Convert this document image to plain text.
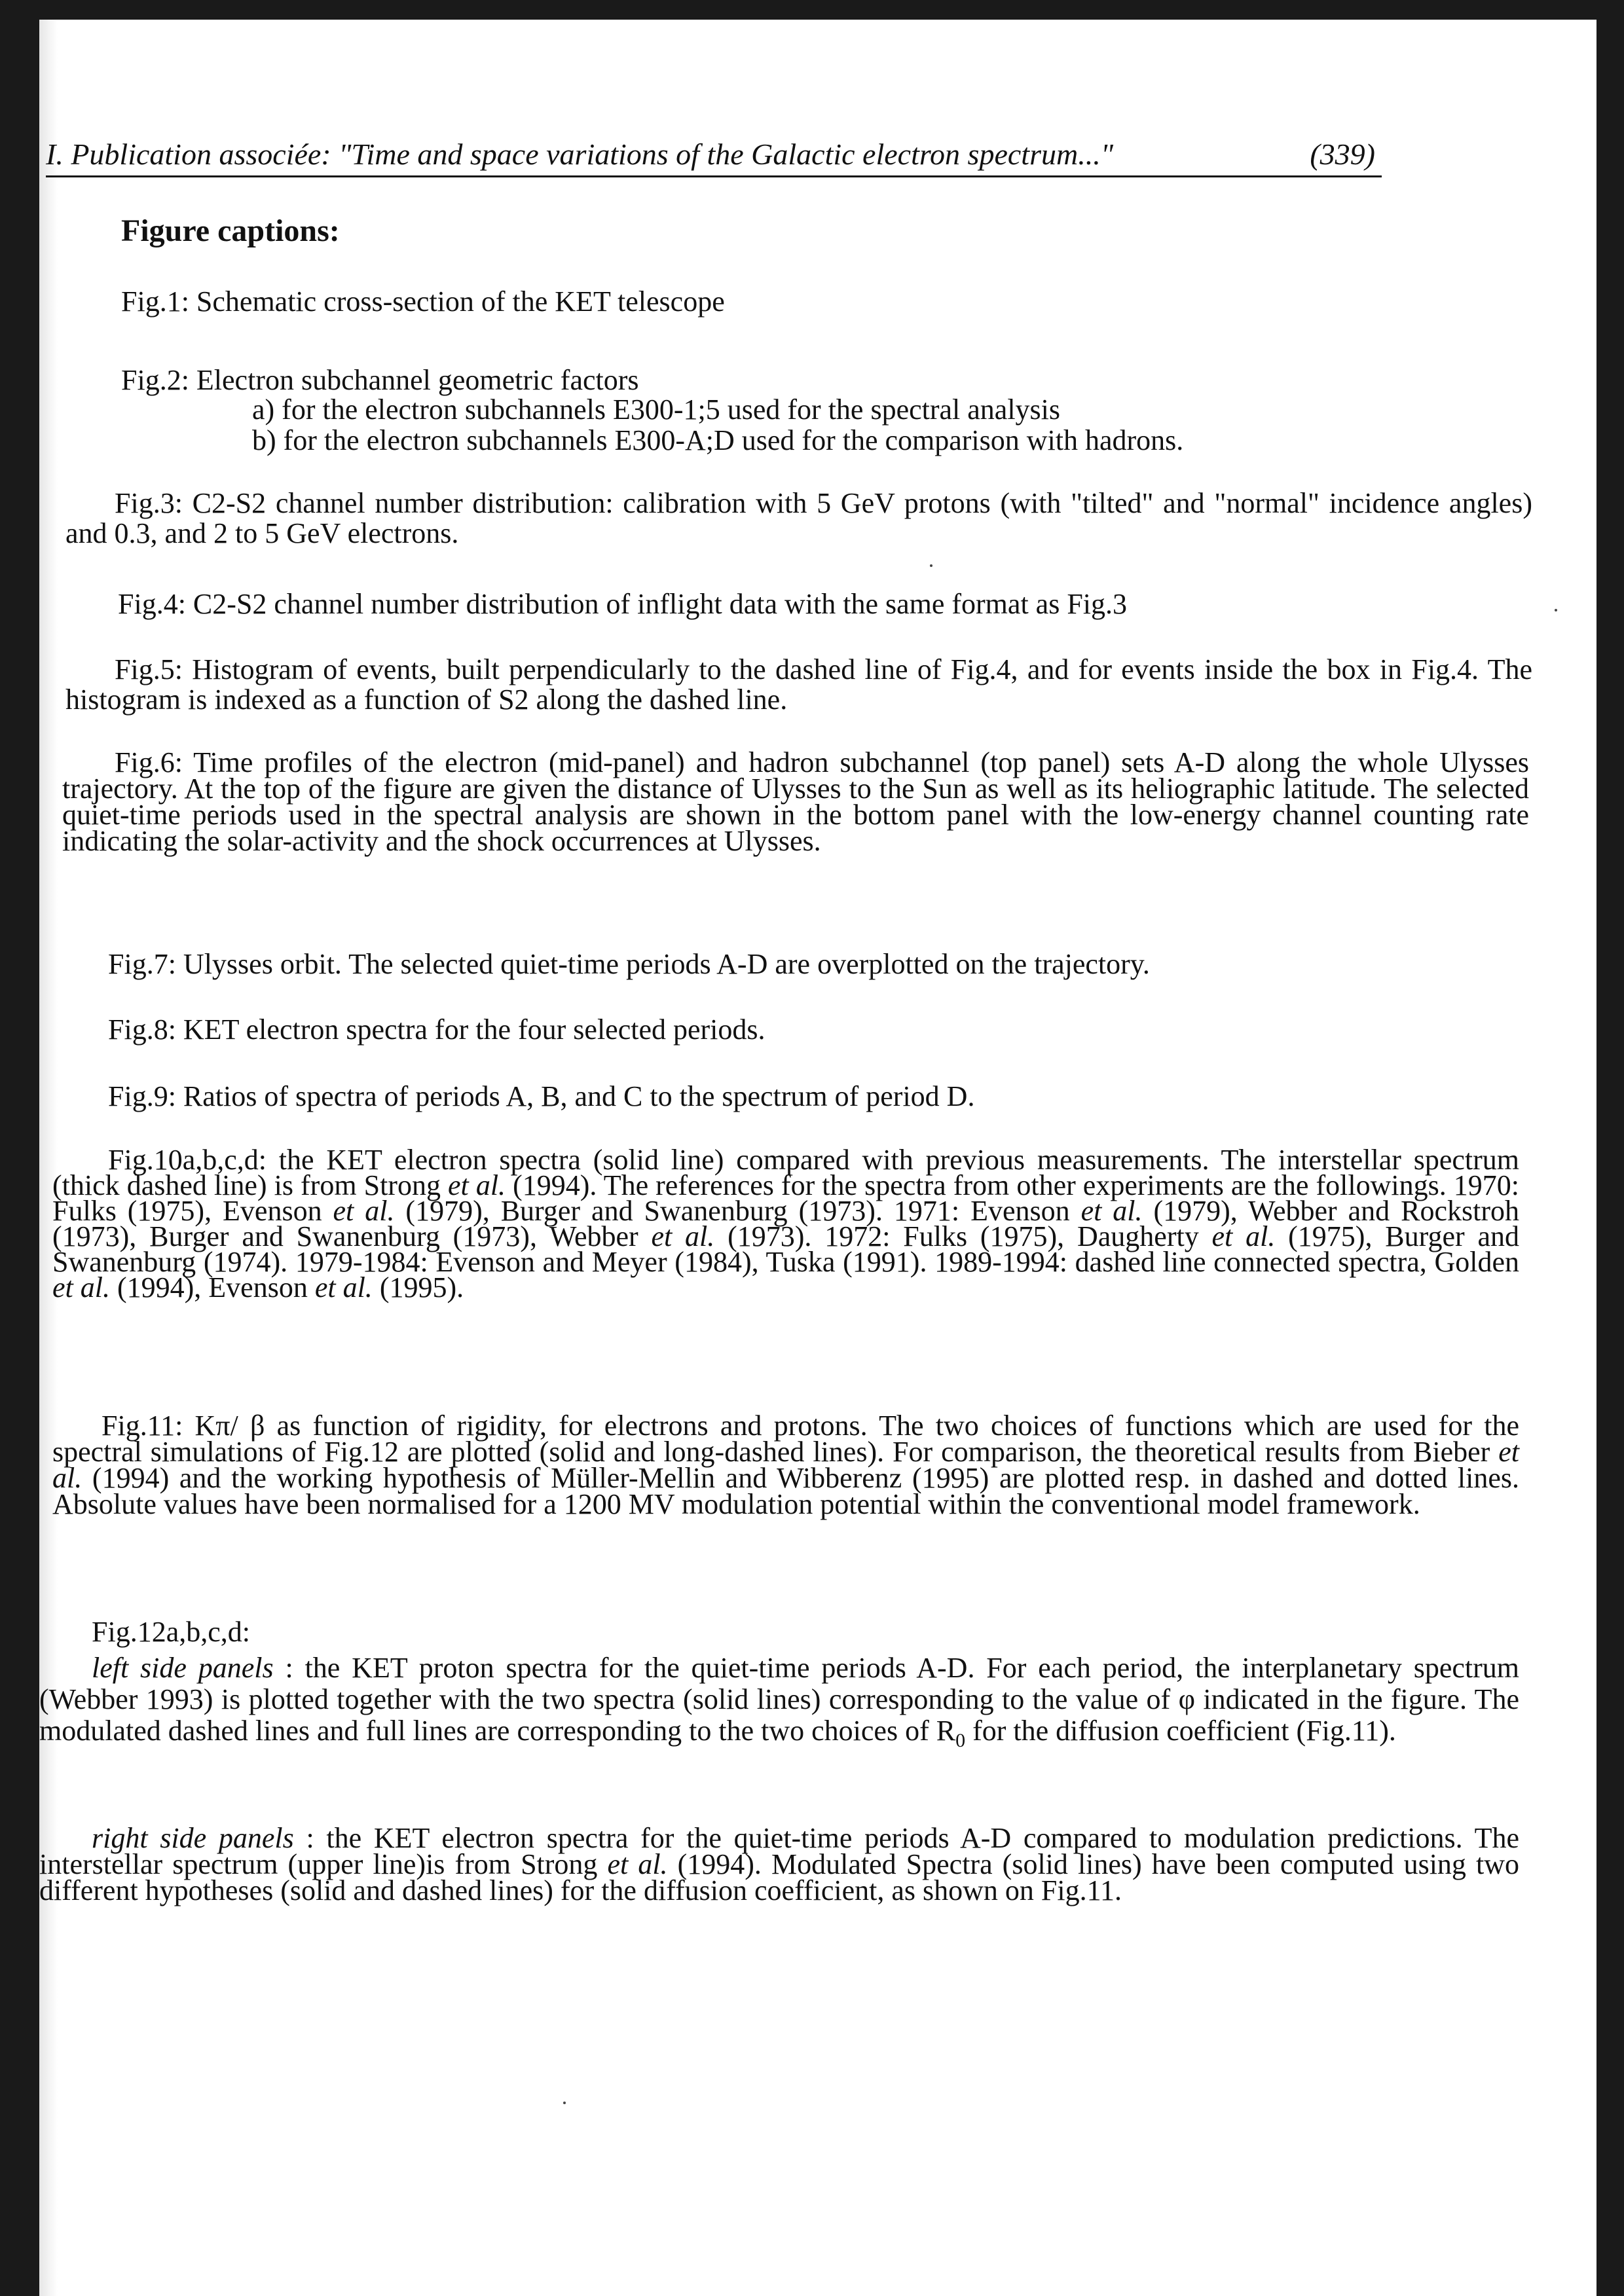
I. Publication associée: "Time and space variations of the Galactic electron spectrum..."	(339)
Figure captions:
Fig.1: Schematic cross-section of the KET telescope
Fig.2: Electron subchannel geometric factors
a) for the electron subchannels E300-1;5 used for the spectral analysis
b) for the electron subchannels E300-A;D used for the comparison with hadrons.
Fig.3: C2-S2 channel number distribution: calibration with 5 GeV protons (with "tilted" and "normal" incidence angles) and 0.3, and 2 to 5 GeV electrons.
Fig.4: C2-S2 channel number distribution of inflight data with the same format as Fig.3
Fig.5: Histogram of events, built perpendicularly to the dashed line of Fig.4, and for events inside the box in Fig.4. The histogram is indexed as a function of S2 along the dashed line.
Fig.6: Time profiles of the electron (mid-panel) and hadron subchannel (top panel) sets A-D along the whole Ulysses trajectory. At the top of the figure are given the distance of Ulysses to the Sun as well as its heliographic latitude. The selected quiet-time periods used in the spectral analysis are shown in the bottom panel with the low-energy channel counting rate indicating the solar-activity and the shock occurrences at Ulysses.
Fig.7: Ulysses orbit. The selected quiet-time periods A-D are overplotted on the trajectory.
Fig.8: KET electron spectra for the four selected periods.
Fig.9: Ratios of spectra of periods A, B, and C to the spectrum of period D.
Fig.10a,b,c,d: the KET electron spectra (solid line) compared with previous measurements. The interstellar spectrum (thick dashed line) is from Strong et al. (1994). The references for the spectra from other experiments are the followings. 1970: Fulks (1975), Evenson et al. (1979), Burger and Swanenburg (1973). 1971: Evenson et al. (1979), Webber and Rockstroh (1973), Burger and Swanenburg (1973), Webber et al. (1973). 1972: Fulks (1975), Daugherty et al. (1975), Burger and Swanenburg (1974). 1979-1984: Evenson and Meyer (1984), Tuska (1991). 1989-1994: dashed line connected spectra, Golden et al. (1994), Evenson et al. (1995).
Fig.11: Kπ/ β as function of rigidity, for electrons and protons. The two choices of functions which are used for the spectral simulations of Fig.12 are plotted (solid and long-dashed lines). For comparison, the theoretical results from Bieber et al. (1994) and the working hypothesis of Müller-Mellin and Wibberenz (1995) are plotted resp. in dashed and dotted lines. Absolute values have been normalised for a 1200 MV modulation potential within the conventional model framework.
Fig.12a,b,c,d:
left side panels : the KET proton spectra for the quiet-time periods A-D. For each period, the interplanetary spectrum (Webber 1993) is plotted together with the two spectra (solid lines) corresponding to the value of φ indicated in the figure. The modulated dashed lines and full lines are corresponding to the two choices of $R_0$ for the diffusion coefficient (Fig.11).
right side panels : the KET electron spectra for the quiet-time periods A-D compared to modulation predictions. The interstellar spectrum (upper line)is from Strong et al. (1994). Modulated Spectra (solid lines) have been computed using two different hypotheses (solid and dashed lines) for the diffusion coefficient, as shown on Fig.11.
